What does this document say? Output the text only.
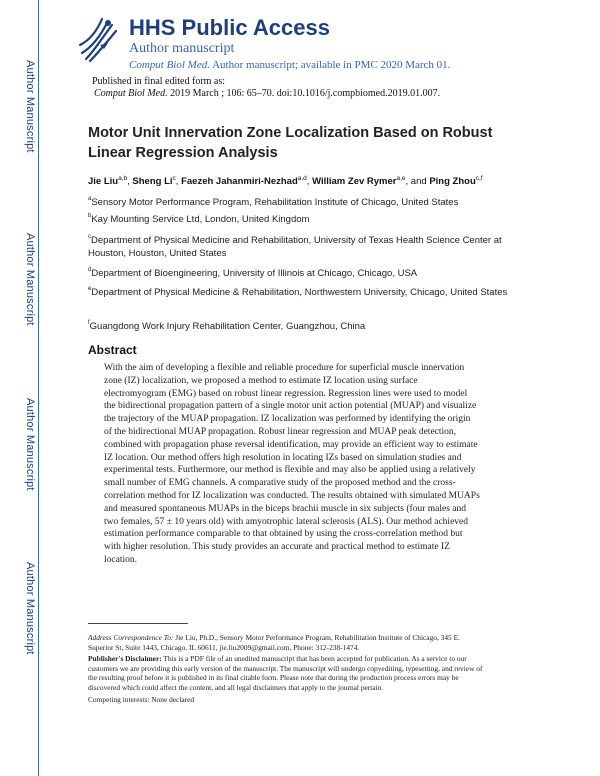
Author Manuscript
Author Manuscript
Author Manuscript
Author Manuscript
HHS Public Access
Author manuscript
Comput Biol Med. Author manuscript; available in PMC 2020 March 01.
Published in final edited form as:
Comput Biol Med. 2019 March ; 106: 65–70. doi:10.1016/j.compbiomed.2019.01.007.
Motor Unit Innervation Zone Localization Based on Robust Linear Regression Analysis
Jie Liu$^{a,b}$, Sheng Li$^c$, Faezeh Jahanmiri-Nezhad$^{a,d}$, William Zev Rymer$^{a,e}$, and Ping Zhou$^{c,f}$
$^a$Sensory Motor Performance Program, Rehabilitation Institute of Chicago, United States
$^b$Kay Mounting Service Ltd, London, United Kingdom
$^c$Department of Physical Medicine and Rehabilitation, University of Texas Health Science Center at Houston, Houston, United States
$^d$Department of Bioengineering, University of Illinois at Chicago, Chicago, USA
$^e$Department of Physical Medicine & Rehabilitation, Northwestern University, Chicago, United States
$^f$Guangdong Work Injury Rehabilitation Center, Guangzhou, China
Abstract
With the aim of developing a flexible and reliable procedure for superficial muscle innervation
zone (IZ) localization, we proposed a method to estimate IZ location using surface
electromyogram (EMG) based on robust linear regression. Regression lines were used to model
the bidirectional propagation pattern of a single motor unit action potential (MUAP) and visualize
the trajectory of the MUAP propagation. IZ localization was performed by identifying the origin
of the bidirectional MUAP propagation. Robust linear regression and MUAP peak detection,
combined with propagation phase reversal identification, may provide an efficient way to estimate
IZ location. Our method offers high resolution in locating IZs based on simulation studies and
experimental tests. Furthermore, our method is flexible and may also be applied using a relatively
small number of EMG channels. A comparative study of the proposed method and the cross-
correlation method for IZ localization was conducted. The results obtained with simulated MUAPs
and measured spontaneous MUAPs in the biceps brachii muscle in six subjects (four males and
two females, 57 ± 10 years old) with amyotrophic lateral sclerosis (ALS). Our method achieved
estimation performance comparable to that obtained by using the cross-correlation method but
with higher resolution. This study provides an accurate and practical method to estimate IZ
location.
Address Correspondence To: Jie Liu, Ph.D., Sensory Motor Performance Program, Rehabilitation Institute of Chicago, 345 E.
Superior St, Suite 1443, Chicago, IL 60611, jie.liu2009@gmail.com, Phone: 312-238-1474.
Publisher's Disclaimer: This is a PDF file of an unedited manuscript that has been accepted for publication. As a service to our
customers we are providing this early version of the manuscript. The manuscript will undergo copyediting, typesetting, and review of
the resulting proof before it is published in its final citable form. Please note that during the production process errors may be
discovered which could affect the content, and all legal disclaimers that apply to the journal pertain.
Competing interests: None declared
